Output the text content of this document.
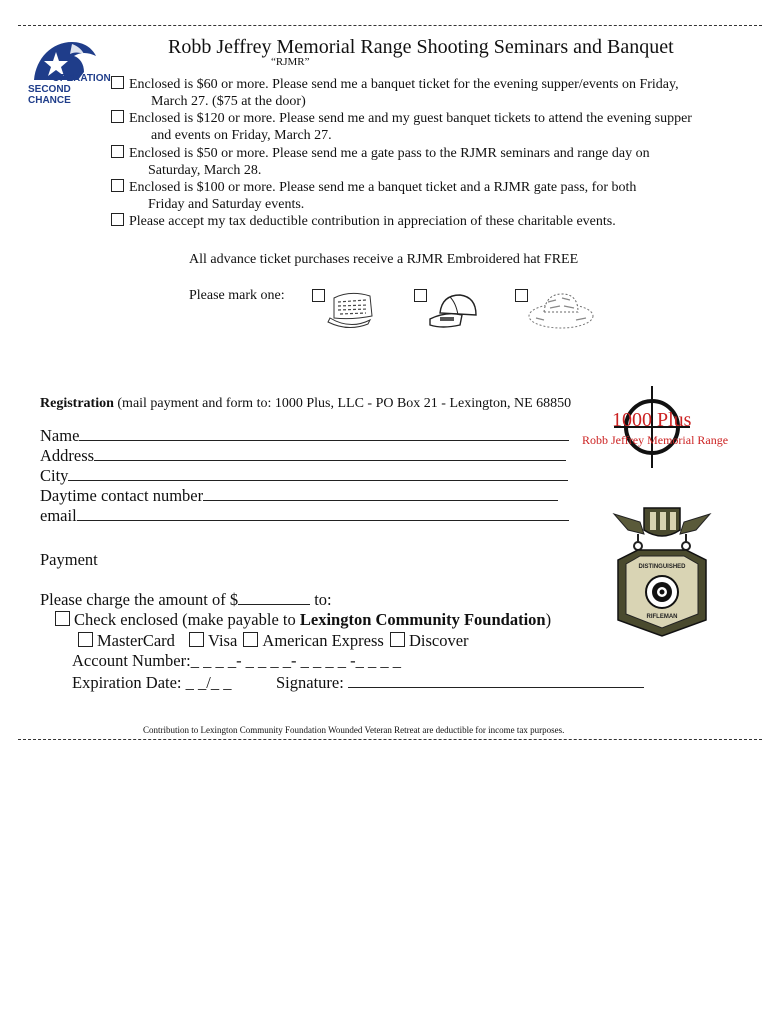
OPERATION
SECOND CHANCE
Robb Jeffrey Memorial Range Shooting Seminars and Banquet
“RJMR”
Enclosed is $60 or more. Please send me a banquet ticket for the evening supper/events on Friday,
March 27. ($75 at the door)
Enclosed is $120 or more. Please send me and my guest banquet tickets to attend the evening supper
and events on Friday, March 27.
Enclosed is $50 or more. Please send me a gate pass to the RJMR seminars and range day on
Saturday, March 28.
Enclosed is $100 or more. Please send me a banquet ticket and a RJMR gate pass, for both
Friday and Saturday events.
Please accept my tax deductible contribution in appreciation of these charitable events.
All advance ticket purchases receive a RJMR Embroidered hat FREE
Please mark one:
Registration (mail payment and form to: 1000 Plus, LLC - PO Box 21 - Lexington, NE 68850
1000 Plus
Robb Jeffrey Memorial Range
Name
Address
City
Daytime contact number
email
DISTINGUISHED
RIFLEMAN
Payment
Please charge the amount of $	to:
Check enclosed (make payable to Lexington Community Foundation)
MasterCard Visa American Express Discover
Account Number:_ _ _ _- _ _ _ _- _ _ _ _ -_ _ _ _
Expiration Date: _ _/_ _	Signature:
Contribution to Lexington Community Foundation Wounded Veteran Retreat are deductible for income tax purposes.
